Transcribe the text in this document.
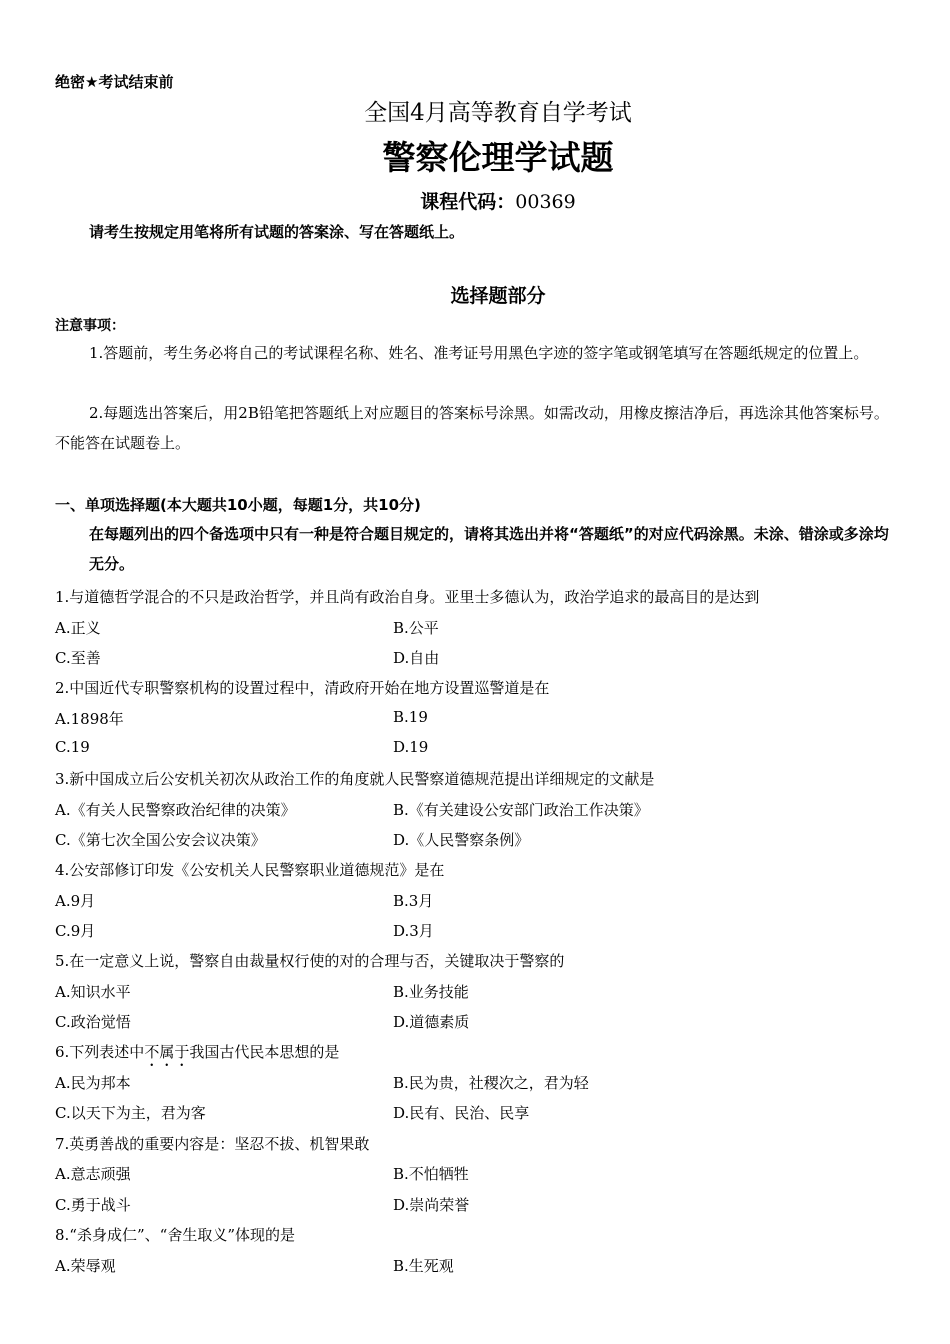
绝密★考试结束前
全国4月高等教育自学考试
警察伦理学试题
课程代码：00369
请考生按规定用笔将所有试题的答案涂、写在答题纸上。
选择题部分
注意事项：
1.答题前，考生务必将自己的考试课程名称、姓名、准考证号用黑色字迹的签字笔或钢笔填写在答题纸规定的位置上。
2.每题选出答案后，用2B铅笔把答题纸上对应题目的答案标号涂黑。如需改动，用橡皮擦洁净后，再选涂其他答案标号。不能答在试题卷上。
一、单项选择题(本大题共10小题，每题1分，共10分)
在每题列出的四个备选项中只有一种是符合题目规定的，请将其选出并将“答题纸”的对应代码涂黑。未涂、错涂或多涂均无分。
1.与道德哲学混合的不只是政治哲学，并且尚有政治自身。亚里士多德认为，政治学追求的最高目的是达到
A.正义	B.公平
C.至善	D.自由
2.中国近代专职警察机构的设置过程中，清政府开始在地方设置巡警道是在
A.1898年	B.19
C.19	D.19
3.新中国成立后公安机关初次从政治工作的角度就人民警察道德规范提出详细规定的文献是
A.《有关人民警察政治纪律的决策》	B.《有关建设公安部门政治工作决策》
C.《第七次全国公安会议决策》	D.《人民警察条例》
4.公安部修订印发《公安机关人民警察职业道德规范》是在
A.9月	B.3月
C.9月	D.3月
5.在一定意义上说，警察自由裁量权行使的对的合理与否，关键取决于警察的
A.知识水平	B.业务技能
C.政治觉悟	D.道德素质
6.下列表述中不属于我国古代民本思想的是
A.民为邦本	B.民为贵，社稷次之，君为轻
C.以天下为主，君为客	D.民有、民治、民享
7.英勇善战的重要内容是：坚忍不拔、机智果敢
A.意志顽强	B.不怕牺牲
C.勇于战斗	D.崇尚荣誉
8.“杀身成仁”、“舍生取义”体现的是
A.荣辱观	B.生死观
